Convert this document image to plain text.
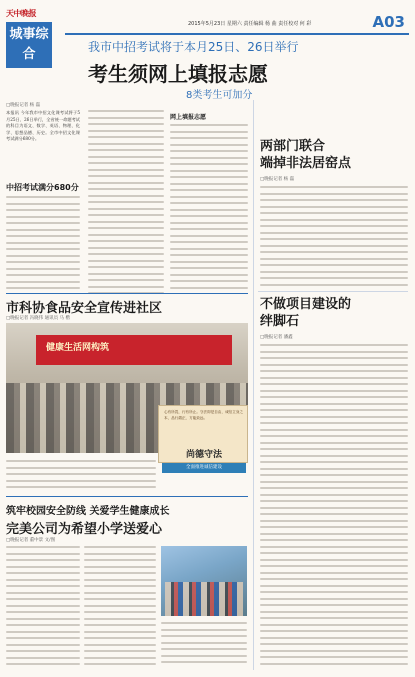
天中晚报
城事综合
2015年5月23日 星期六 责任编辑 杨 曲 责任校对 何 彩	A03
我市中招考试将于本月25日、26日举行
考生须网上填报志愿
8类考生可加分
□晚报记者 杨 磊
本报讯 今年我市中招文化课考试将于5月25日、26日举行，全省统一命题考试的科目为语文、数学、英语、物理、化学、思想品德、历史。全市中招文化课考试满分680分。
中招考试满分680分
网上填报志愿
市科协食品安全宣传进社区
□晚报记者 冯晓伟 通讯员 马 楷
健康生活网构筑
心有所畏，行有所止。守法即是自由，诚信立身之本，品行端正，方能致远。
尚德守法
全面推进诚信建设
筑牢校园安全防线 关爱学生健康成长
完美公司为希望小学送爱心
□晚报记者 董中景 文/图
两部门联合
端掉非法居窑点
□晚报记者 杨 磊
不做项目建设的
绊脚石
□晚报记者 潘鑫
